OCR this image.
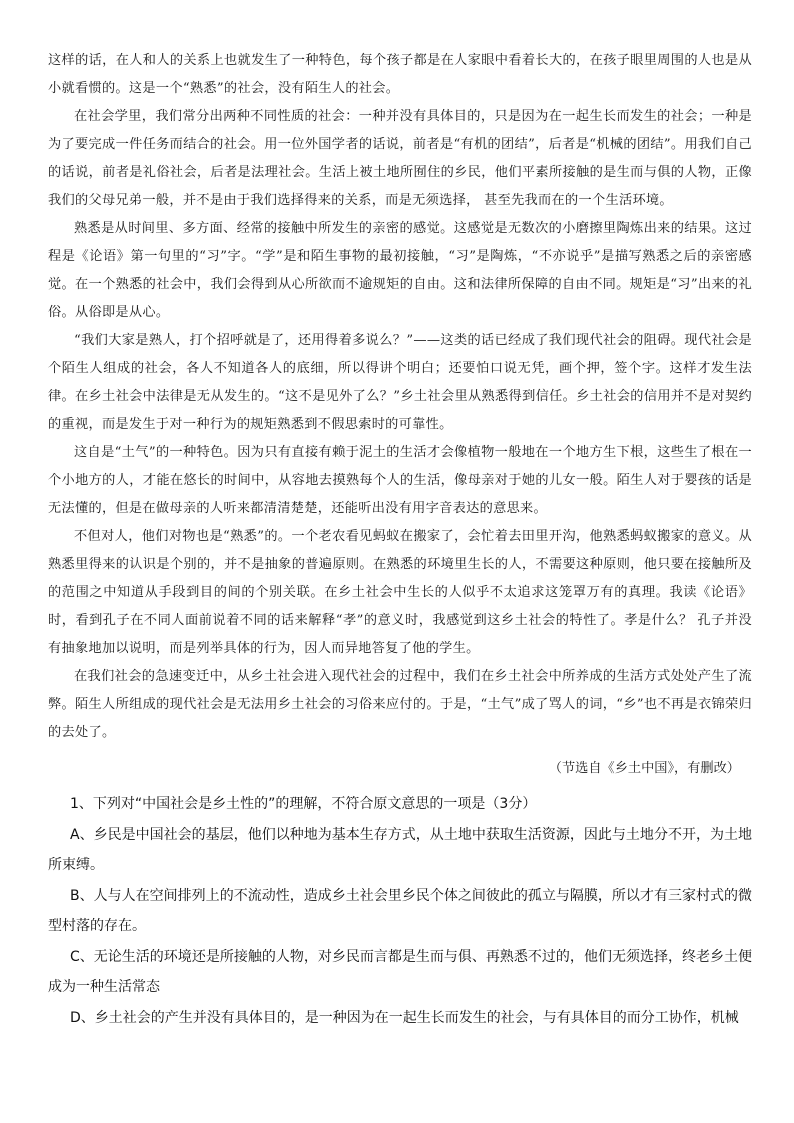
这样的话，在人和人的关系上也就发生了一种特色，每个孩子都是在人家眼中看着长大的，在孩子眼里周围的人也是从小就看惯的。这是一个“熟悉”的社会，没有陌生人的社会。

在社会学里，我们常分出两种不同性质的社会：一种并没有具体目的，只是因为在一起生长而发生的社会；一种是为了要完成一件任务而结合的社会。用一位外国学者的话说，前者是“有机的团结”，后者是“机械的团结”。用我们自己的话说，前者是礼俗社会，后者是法理社会。生活上被土地所囿住的乡民，他们平素所接触的是生而与俱的人物，正像我们的父母兄弟一般，并不是由于我们选择得来的关系，而是无须选择， 甚至先我而在的一个生活环境。

熟悉是从时间里、多方面、经常的接触中所发生的亲密的感觉。这感觉是无数次的小磨擦里陶炼出来的结果。这过程是《论语》第一句里的“习”字。“学”是和陌生事物的最初接触，“习”是陶炼，“不亦说乎”是描写熟悉之后的亲密感觉。在一个熟悉的社会中，我们会得到从心所欲而不逾规矩的自由。这和法律所保障的自由不同。规矩是“习”出来的礼俗。从俗即是从心。

“我们大家是熟人，打个招呼就是了，还用得着多说么？”——这类的话已经成了我们现代社会的阻碍。现代社会是个陌生人组成的社会，各人不知道各人的底细，所以得讲个明白；还要怕口说无凭，画个押，签个字。这样才发生法律。在乡土社会中法律是无从发生的。“这不是见外了么？”乡土社会里从熟悉得到信任。乡土社会的信用并不是对契约的重视，而是发生于对一种行为的规矩熟悉到不假思索时的可靠性。

这自是“土气”的一种特色。因为只有直接有赖于泥土的生活才会像植物一般地在一个地方生下根，这些生了根在一个小地方的人，才能在悠长的时间中，从容地去摸熟每个人的生活，像母亲对于她的儿女一般。陌生人对于婴孩的话是无法懂的，但是在做母亲的人听来都清清楚楚，还能听出没有用字音表达的意思来。

不但对人，他们对物也是“熟悉”的。一个老农看见蚂蚁在搬家了，会忙着去田里开沟，他熟悉蚂蚁搬家的意义。从熟悉里得来的认识是个别的，并不是抽象的普遍原则。在熟悉的环境里生长的人，不需要这种原则，他只要在接触所及的范围之中知道从手段到目的间的个别关联。在乡土社会中生长的人似乎不太追求这笼罩万有的真理。我读《论语》时，看到孔子在不同人面前说着不同的话来解释“孝”的意义时，我感觉到这乡土社会的特性了。孝是什么？ 孔子并没有抽象地加以说明，而是列举具体的行为，因人而异地答复了他的学生。

在我们社会的急速变迁中，从乡土社会进入现代社会的过程中，我们在乡土社会中所养成的生活方式处处产生了流弊。陌生人所组成的现代社会是无法用乡土社会的习俗来应付的。于是，“土气”成了骂人的词，“乡”也不再是衣锦荣归的去处了。

（节选自《乡土中国》，有删改）

1、下列对“中国社会是乡土性的”的理解，不符合原文意思的一项是（3分）

A、乡民是中国社会的基层，他们以种地为基本生存方式，从土地中获取生活资源，因此与土地分不开，为土地所束缚。

B、人与人在空间排列上的不流动性，造成乡土社会里乡民个体之间彼此的孤立与隔膜，所以才有三家村式的微型村落的存在。

C、无论生活的环境还是所接触的人物，对乡民而言都是生而与俱、再熟悉不过的，他们无须选择，终老乡土便成为一种生活常态

D、乡土社会的产生并没有具体目的，是一种因为在一起生长而发生的社会，与有具体目的而分工协作，机械
